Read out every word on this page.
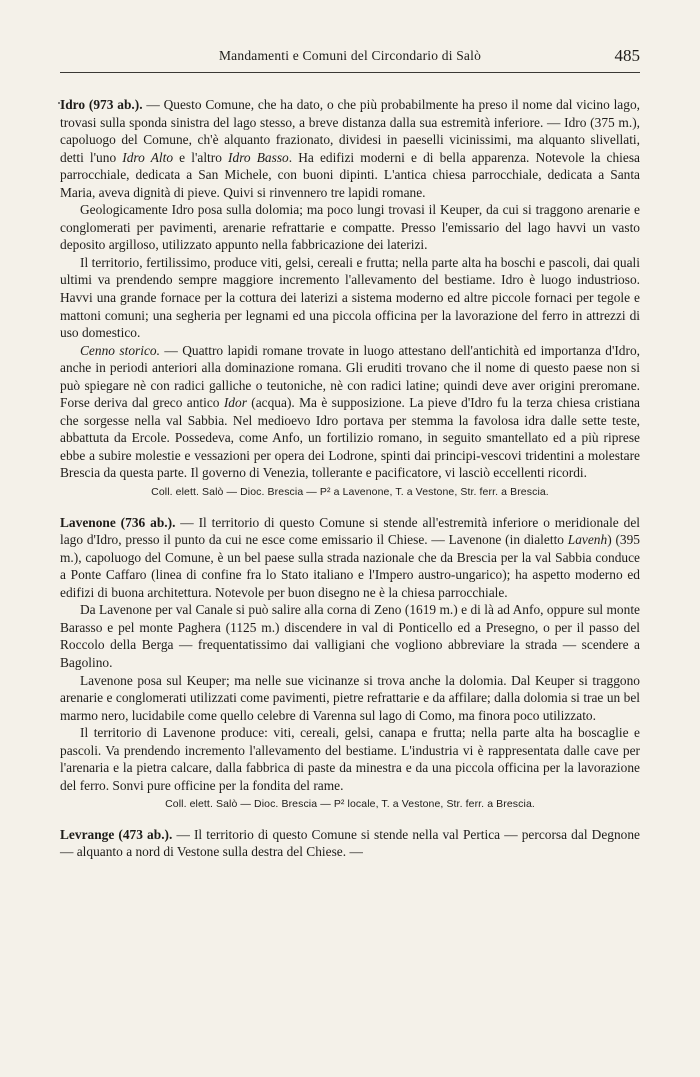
Mandamenti e Comuni del Circondario di Salò	485

Idro (973 ab.). — Questo Comune, che ha dato, o che più probabilmente ha preso il nome dal vicino lago, trovasi sulla sponda sinistra del lago stesso, a breve distanza dalla sua estremità inferiore. — Idro (375 m.), capoluogo del Comune, ch'è alquanto frazionato, dividesi in paeselli vicinissimi, ma alquanto slivellati, detti l'uno Idro Alto e l'altro Idro Basso. Ha edifizi moderni e di bella apparenza. Notevole la chiesa parrocchiale, dedicata a San Michele, con buoni dipinti. L'antica chiesa parrocchiale, dedicata a Santa Maria, aveva dignità di pieve. Quivi si rinvennero tre lapidi romane.

Geologicamente Idro posa sulla dolomia; ma poco lungi trovasi il Keuper, da cui si traggono arenarie e conglomerati per pavimenti, arenarie refrattarie e compatte. Presso l'emissario del lago havvi un vasto deposito argilloso, utilizzato appunto nella fabbricazione dei laterizi.

Il territorio, fertilissimo, produce viti, gelsi, cereali e frutta; nella parte alta ha boschi e pascoli, dai quali ultimi va prendendo sempre maggiore incremento l'allevamento del bestiame. Idro è luogo industrioso. Havvi una grande fornace per la cottura dei laterizi a sistema moderno ed altre piccole fornaci per tegole e mattoni comuni; una segheria per legnami ed una piccola officina per la lavorazione del ferro in attrezzi di uso domestico.

Cenno storico. — Quattro lapidi romane trovate in luogo attestano dell'antichità ed importanza d'Idro, anche in periodi anteriori alla dominazione romana. Gli eruditi trovano che il nome di questo paese non si può spiegare nè con radici galliche o teutoniche, nè con radici latine; quindi deve aver origini preromane. Forse deriva dal greco antico Idor (acqua). Ma è supposizione. La pieve d'Idro fu la terza chiesa cristiana che sorgesse nella val Sabbia. Nel medioevo Idro portava per stemma la favolosa idra dalle sette teste, abbattuta da Ercole. Possedeva, come Anfo, un fortilizio romano, in seguito smantellato ed a più riprese ebbe a subire molestie e vessazioni per opera dei Lodrone, spinti dai principi-vescovi tridentini a molestare Brescia da questa parte. Il governo di Venezia, tollerante e pacificatore, vi lasciò eccellenti ricordi.

Coll. elett. Salò — Dioc. Brescia — P² a Lavenone, T. a Vestone, Str. ferr. a Brescia.

Lavenone (736 ab.). — Il territorio di questo Comune si stende all'estremità inferiore o meridionale del lago d'Idro, presso il punto da cui ne esce come emissario il Chiese. — Lavenone (in dialetto Lavenh) (395 m.), capoluogo del Comune, è un bel paese sulla strada nazionale che da Brescia per la val Sabbia conduce a Ponte Caffaro (linea di confine fra lo Stato italiano e l'Impero austro-ungarico); ha aspetto moderno ed edifizi di buona architettura. Notevole per buon disegno ne è la chiesa parrocchiale.

Da Lavenone per val Canale si può salire alla corna di Zeno (1619 m.) e di là ad Anfo, oppure sul monte Barasso e pel monte Paghera (1125 m.) discendere in val di Ponticello ed a Presegno, o per il passo del Roccolo della Berga — frequentatissimo dai valligiani che vogliono abbreviare la strada — scendere a Bagolino.

Lavenone posa sul Keuper; ma nelle sue vicinanze si trova anche la dolomia. Dal Keuper si traggono arenarie e conglomerati utilizzati come pavimenti, pietre refrattarie e da affilare; dalla dolomia si trae un bel marmo nero, lucidabile come quello celebre di Varenna sul lago di Como, ma finora poco utilizzato.

Il territorio di Lavenone produce: viti, cereali, gelsi, canapa e frutta; nella parte alta ha boscaglie e pascoli. Va prendendo incremento l'allevamento del bestiame. L'industria vi è rappresentata dalle cave per l'arenaria e la pietra calcare, dalla fabbrica di paste da minestra e da una piccola officina per la lavorazione del ferro. Sonvi pure officine per la fondita del rame.

Coll. elett. Salò — Dioc. Brescia — P² locale, T. a Vestone, Str. ferr. a Brescia.

Levrange (473 ab.). — Il territorio di questo Comune si stende nella val Pertica — percorsa dal Degnone — alquanto a nord di Vestone sulla destra del Chiese. —
